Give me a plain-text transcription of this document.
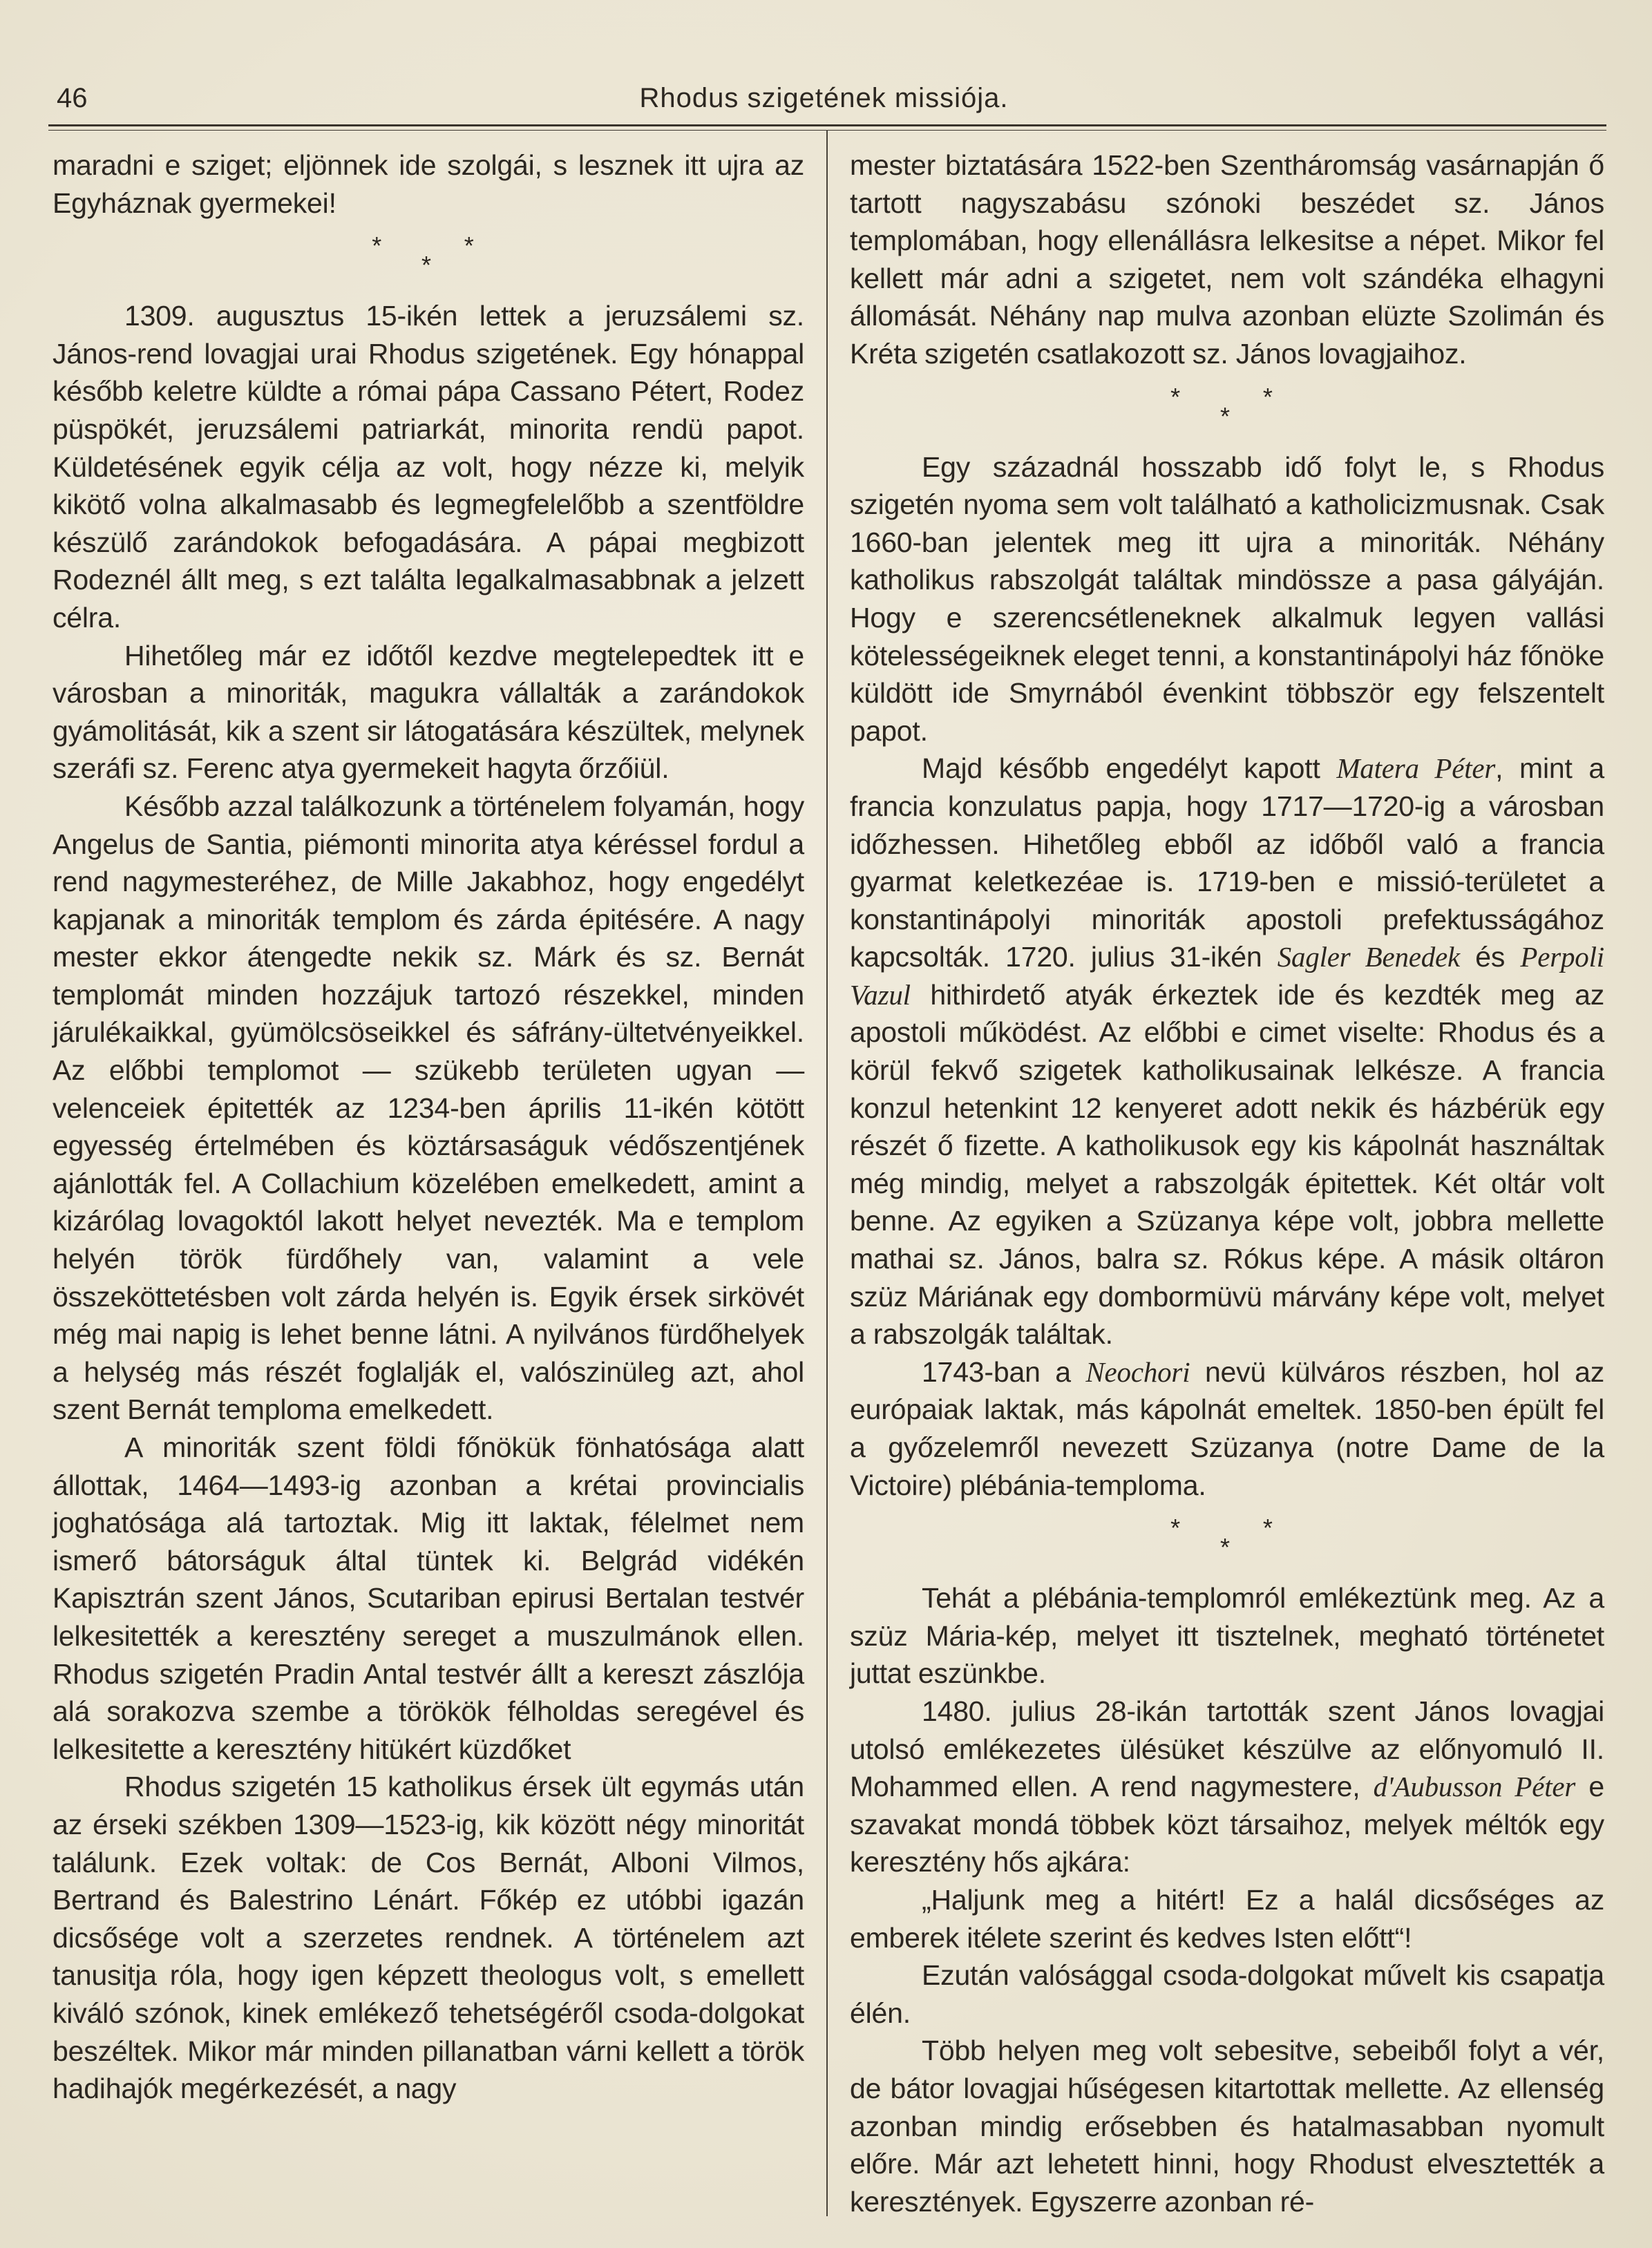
46	Rhodus szigetének missiója.

maradni e sziget; eljönnek ide szolgái, s lesznek itt ujra az Egyháznak gyermekei!

*
*
*

1309. augusztus 15-ikén lettek a jeruzsálemi sz. János-rend lovagjai urai Rhodus szigetének. Egy hónappal később keletre küldte a római pápa Cassano Pétert, Rodez püspökét, jeruzsálemi patriarkát, minorita rendü papot. Küldetésének egyik célja az volt, hogy nézze ki, melyik kikötő volna alkalmasabb és legmegfelelőbb a szentföldre készülő zarándokok befogadására. A pápai megbizott Rodeznél állt meg, s ezt találta legalkalmasabbnak a jelzett célra.

Hihetőleg már ez időtől kezdve megtelepedtek itt e városban a minoriták, magukra vállalták a zarándokok gyámolitását, kik a szent sir látogatására készültek, melynek szeráfi sz. Ferenc atya gyermekeit hagyta őrzőiül.

Később azzal találkozunk a történelem folyamán, hogy Angelus de Santia, piémonti minorita atya kéréssel fordul a rend nagymesteréhez, de Mille Jakabhoz, hogy engedélyt kapjanak a minoriták templom és zárda épitésére. A nagy mester ekkor átengedte nekik sz. Márk és sz. Bernát templomát minden hozzájuk tartozó részekkel, minden járulékaikkal, gyümölcsöseikkel és sáfrány-ültetvényeikkel. Az előbbi templomot — szükebb területen ugyan — velenceiek épitették az 1234-ben április 11-ikén kötött egyesség értelmében és köztársaságuk védőszentjének ajánlották fel. A Collachium közelében emelkedett, amint a kizárólag lovagoktól lakott helyet nevezték. Ma e templom helyén török fürdőhely van, valamint a vele összeköttetésben volt zárda helyén is. Egyik érsek sirkövét még mai napig is lehet benne látni. A nyilvános fürdőhelyek a helység más részét foglalják el, valószinüleg azt, ahol szent Bernát temploma emelkedett.

A minoriták szent földi főnökük fönhatósága alatt állottak, 1464—1493-ig azonban a krétai provincialis joghatósága alá tartoztak. Mig itt laktak, félelmet nem ismerő bátorságuk által tüntek ki. Belgrád vidékén Kapisztrán szent János, Scutariban epirusi Bertalan testvér lelkesitették a keresztény sereget a muszulmánok ellen. Rhodus szigetén Pradin Antal testvér állt a kereszt zászlója alá sorakozva szembe a törökök félholdas seregével és lelkesitette a keresztény hitükért küzdőket

Rhodus szigetén 15 katholikus érsek ült egymás után az érseki székben 1309—1523-ig, kik között négy minoritát találunk. Ezek voltak: de Cos Bernát, Alboni Vilmos, Bertrand és Balestrino Lénárt. Főkép ez utóbbi igazán dicsősége volt a szerzetes rendnek. A történelem azt tanusitja róla, hogy igen képzett theologus volt, s emellett kiváló szónok, kinek emlékező tehetségéről csoda-dolgokat beszéltek. Mikor már minden pillanatban várni kellett a török hadihajók megérkezését, a nagy

mester biztatására 1522-ben Szentháromság vasárnapján ő tartott nagyszabásu szónoki beszédet sz. János templomában, hogy ellenállásra lelkesitse a népet. Mikor fel kellett már adni a szigetet, nem volt szándéka elhagyni állomását. Néhány nap mulva azonban elüzte Szolimán és Kréta szigetén csatlakozott sz. János lovagjaihoz.

*
*
*

Egy századnál hosszabb idő folyt le, s Rhodus szigetén nyoma sem volt található a katholicizmusnak. Csak 1660-ban jelentek meg itt ujra a minoriták. Néhány katholikus rabszolgát találtak mindössze a pasa gályáján. Hogy e szerencsétleneknek alkalmuk legyen vallási kötelességeiknek eleget tenni, a konstantinápolyi ház főnöke küldött ide Smyrnából évenkint többször egy felszentelt papot.

Majd később engedélyt kapott Matera Péter, mint a francia konzulatus papja, hogy 1717—1720-ig a városban időzhessen. Hihetőleg ebből az időből való a francia gyarmat keletkezéae is. 1719-ben e missió-területet a konstantinápolyi minoriták apostoli prefektusságához kapcsolták. 1720. julius 31-ikén Sagler Benedek és Perpoli Vazul hithirdető atyák érkeztek ide és kezdték meg az apostoli működést. Az előbbi e cimet viselte: Rhodus és a körül fekvő szigetek katholikusainak lelkésze. A francia konzul hetenkint 12 kenyeret adott nekik és házbérük egy részét ő fizette. A katholikusok egy kis kápolnát használtak még mindig, melyet a rabszolgák épitettek. Két oltár volt benne. Az egyiken a Szüzanya képe volt, jobbra mellette mathai sz. János, balra sz. Rókus képe. A másik oltáron szüz Máriának egy dombormüvü márvány képe volt, melyet a rabszolgák találtak.

1743-ban a Neochori nevü külváros részben, hol az európaiak laktak, más kápolnát emeltek. 1850-ben épült fel a győzelemről nevezett Szüzanya (notre Dame de la Victoire) plébánia-temploma.

*
*
*

Tehát a plébánia-templomról emlékeztünk meg. Az a szüz Mária-kép, melyet itt tisztelnek, megható történetet juttat eszünkbe.

1480. julius 28-ikán tartották szent János lovagjai utolsó emlékezetes ülésüket készülve az előnyomuló II. Mohammed ellen. A rend nagymestere, d'Aubusson Péter e szavakat mondá többek közt társaihoz, melyek méltók egy keresztény hős ajkára:

„Haljunk meg a hitért! Ez a halál dicsőséges az emberek itélete szerint és kedves Isten előtt“!

Ezután valósággal csoda-dolgokat művelt kis csapatja élén.

Több helyen meg volt sebesitve, sebeiből folyt a vér, de bátor lovagjai hűségesen kitartottak mellette. Az ellenség azonban mindig erősebben és hatalmasabban nyomult előre. Már azt lehetett hinni, hogy Rhodust elvesztették a keresztények. Egyszerre azonban ré-
